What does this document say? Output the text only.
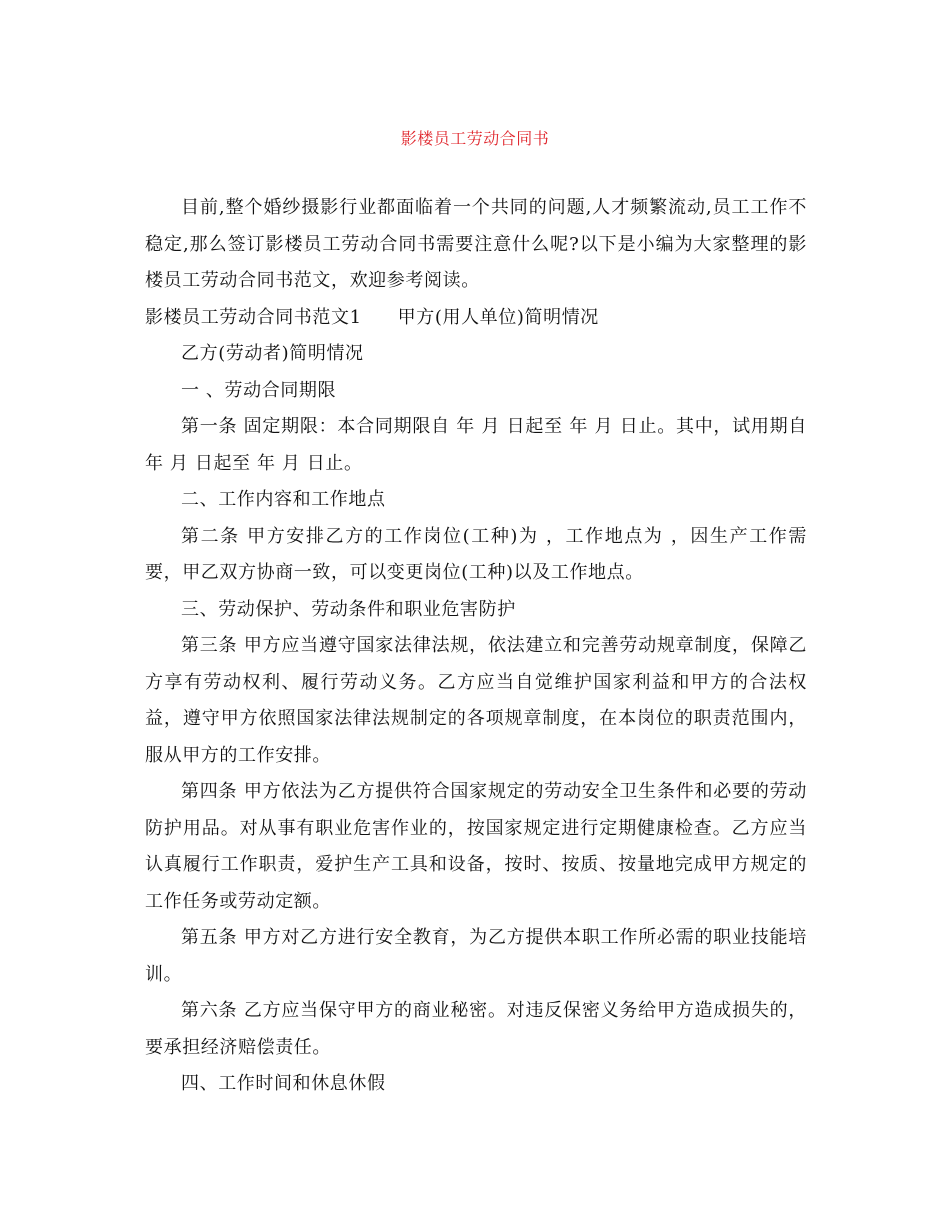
影楼员工劳动合同书

目前,整个婚纱摄影行业都面临着一个共同的问题,人才频繁流动,员工工作不稳定,那么签订影楼员工劳动合同书需要注意什么呢?以下是小编为大家整理的影楼员工劳动合同书范文，欢迎参考阅读。

影楼员工劳动合同书范文1 甲方(用人单位)简明情况

乙方(劳动者)简明情况

一 、劳动合同期限

第一条 固定期限：本合同期限自 年 月 日起至 年 月 日止。其中，试用期自 年 月 日起至 年 月 日止。

二、工作内容和工作地点

第二条 甲方安排乙方的工作岗位(工种)为 ，工作地点为 ，因生产工作需要，甲乙双方协商一致，可以变更岗位(工种)以及工作地点。

三、劳动保护、劳动条件和职业危害防护

第三条 甲方应当遵守国家法律法规，依法建立和完善劳动规章制度，保障乙方享有劳动权利、履行劳动义务。乙方应当自觉维护国家利益和甲方的合法权益，遵守甲方依照国家法律法规制定的各项规章制度，在本岗位的职责范围内，服从甲方的工作安排。

第四条 甲方依法为乙方提供符合国家规定的劳动安全卫生条件和必要的劳动防护用品。对从事有职业危害作业的，按国家规定进行定期健康检查。乙方应当认真履行工作职责，爱护生产工具和设备，按时、按质、按量地完成甲方规定的工作任务或劳动定额。

第五条 甲方对乙方进行安全教育，为乙方提供本职工作所必需的职业技能培训。

第六条 乙方应当保守甲方的商业秘密。对违反保密义务给甲方造成损失的，要承担经济赔偿责任。

四、工作时间和休息休假
